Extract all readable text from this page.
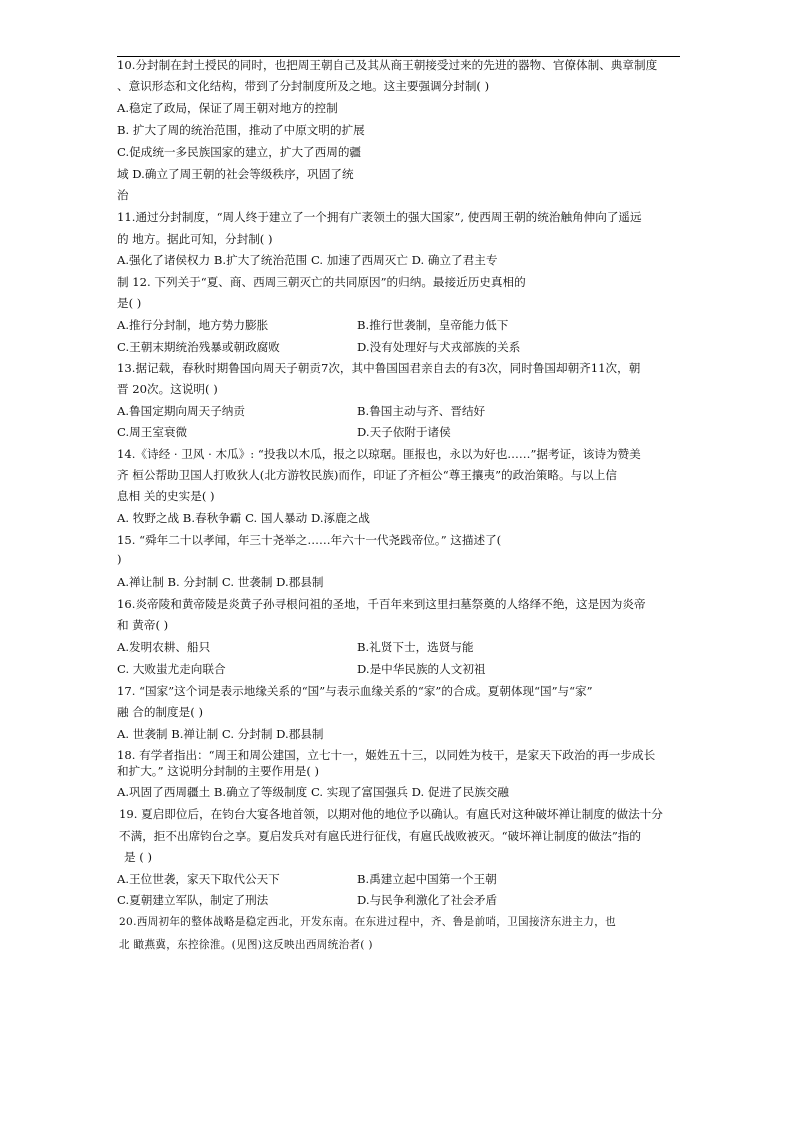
10.分封制在封土授民的同时，也把周王朝自己及其从商王朝接受过来的先进的器物、官僚体制、典章制度
、意识形态和文化结构，带到了分封制度所及之地。这主要强调分封制( )
A.稳定了政局，保证了周王朝对地方的控制
B. 扩大了周的统治范围，推动了中原文明的扩展
C.促成统一多民族国家的建立，扩大了西周的疆
域 D.确立了周王朝的社会等级秩序，巩固了统
治
11.通过分封制度，“周人终于建立了一个拥有广袤领土的强大国家”, 使西周王朝的统治触角伸向了遥远
的 地方。据此可知，分封制( )
A.强化了诸侯权力 B.扩大了统治范围 C. 加速了西周灭亡 D. 确立了君主专
制 12. 下列关于“夏、商、西周三朝灭亡的共同原因”的归纳。最接近历史真相的
是( )
A.推行分封制，地方势力膨胀	B.推行世袭制，皇帝能力低下
C.王朝末期统治残暴或朝政腐败	D.没有处理好与犬戎部族的关系
13.据记载，春秋时期鲁国向周天子朝贡7次，其中鲁国国君亲自去的有3次，同时鲁国却朝齐11次，朝
晋 20次。这说明( )
A.鲁国定期向周天子纳贡	B.鲁国主动与齐、晋结好
C.周王室衰微	D.天子依附于诸侯
14.《诗经 · 卫风 · 木瓜》: “投我以木瓜，报之以琼琚。匪报也，永以为好也……”据考证，该诗为赞美
齐 桓公帮助卫国人打败狄人(北方游牧民族)而作，印证了齐桓公“尊王攘夷”的政治策略。与以上信
息相 关的史实是( )
A. 牧野之战 B.春秋争霸 C. 国人暴动 D.涿鹿之战
15. “舜年二十以孝闻，年三十尧举之……年六十一代尧践帝位。” 这描述了(
)
A.禅让制 B. 分封制 C. 世袭制 D.郡县制
16.炎帝陵和黄帝陵是炎黄子孙寻根问祖的圣地，千百年来到这里扫墓祭奠的人络绎不绝，这是因为炎帝
和 黄帝( )
A.发明农耕、船只	B.礼贤下士，选贤与能
C. 大败蚩尤走向联合	D.是中华民族的人文初祖
17. “国家”这个词是表示地缘关系的“国”与表示血缘关系的“家”的合成。夏朝体现“国”与“家”
融 合的制度是( )
A. 世袭制 B.禅让制 C. 分封制 D.郡县制
18. 有学者指出：“周王和周公建国，立七十一，姬姓五十三，以同姓为枝干，是家天下政治的再一步成长
和扩大。” 这说明分封制的主要作用是( )
A.巩固了西周疆土 B.确立了等级制度 C. 实现了富国强兵 D. 促进了民族交融
19. 夏启即位后，在钧台大宴各地首领，以期对他的地位予以确认。有扈氏对这种破坏禅让制度的做法十分
不满，拒不出席钧台之享。夏启发兵对有扈氏进行征伐，有扈氏战败被灭。“破坏禅让制度的做法”指的
是 ( )
A.王位世袭，家天下取代公天下	B.禹建立起中国第一个王朝
C.夏朝建立军队，制定了刑法	D.与民争利激化了社会矛盾
20.西周初年的整体战略是稳定西北，开发东南。在东进过程中，齐、鲁是前哨，卫国接济东进主力，也
北 瞰燕冀，东控徐淮。(见图)这反映出西周统治者( )
